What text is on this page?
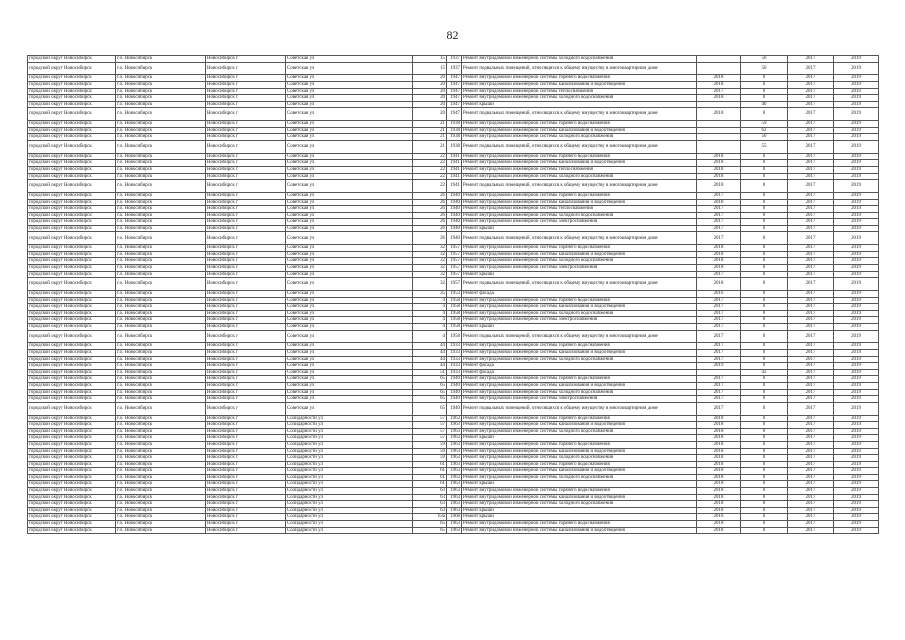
82
городской округ Новосибирск	г.о. Новосибирск	Новосибирск г	Советская ул	15	1937	Ремонт внутридомовой инженерной системы холодного водоснабжения		56	2017	2019
городской округ Новосибирск	г.о. Новосибирск	Новосибирск г	Советская ул	15	1937	Ремонт подвальных помещений, относящихся к общему имуществу в многоквартирном доме		56	2017	2019
городской округ Новосибирск	г.о. Новосибирск	Новосибирск г	Советская ул	20	1947	Ремонт внутридомовой инженерной системы горячего водоснабжения	2018	0	2017	2019
городской округ Новосибирск	г.о. Новосибирск	Новосибирск г	Советская ул	20	1947	Ремонт внутридомовой инженерной системы канализования и водоотведения	2018	0	2017	2019
городской округ Новосибирск	г.о. Новосибирск	Новосибирск г	Советская ул	20	1947	Ремонт внутридомовой инженерной системы теплоснабжения	2017	0	2017	2019
городской округ Новосибирск	г.о. Новосибирск	Новосибирск г	Советская ул	20	1947	Ремонт внутридомовой инженерной системы холодного водоснабжения	2018	0	2017	2019
городской округ Новосибирск	г.о. Новосибирск	Новосибирск г	Советская ул	20	1947	Ремонт крыши		40	2017	2019
городской округ Новосибирск	г.о. Новосибирск	Новосибирск г	Советская ул	20	1947	Ремонт подвальных помещений, относящихся к общему имуществу в многоквартирном доме	2018	0	2017	2019
городской округ Новосибирск	г.о. Новосибирск	Новосибирск г	Советская ул	21	1938	Ремонт внутридомовой инженерной системы горячего водоснабжения		59	2017	2019
городской округ Новосибирск	г.о. Новосибирск	Новосибирск г	Советская ул	21	1938	Ремонт внутридомовой инженерной системы канализования и водоотведения		62	2017	2019
городской округ Новосибирск	г.о. Новосибирск	Новосибирск г	Советская ул	21	1938	Ремонт внутридомовой инженерной системы холодного водоснабжения		56	2017	2019
городской округ Новосибирск	г.о. Новосибирск	Новосибирск г	Советская ул	21	1938	Ремонт подвальных помещений, относящихся к общему имуществу в многоквартирном доме		55	2017	2019
городской округ Новосибирск	г.о. Новосибирск	Новосибирск г	Советская ул	22	1941	Ремонт внутридомовой инженерной системы горячего водоснабжения	2018	0	2017	2019
городской округ Новосибирск	г.о. Новосибирск	Новосибирск г	Советская ул	22	1941	Ремонт внутридомовой инженерной системы канализования и водоотведения	2018	0	2017	2019
городской округ Новосибирск	г.о. Новосибирск	Новосибирск г	Советская ул	22	1941	Ремонт внутридомовой инженерной системы теплоснабжения	2018	0	2017	2019
городской округ Новосибирск	г.о. Новосибирск	Новосибирск г	Советская ул	22	1941	Ремонт внутридомовой инженерной системы холодного водоснабжения	2018	0	2017	2019
городской округ Новосибирск	г.о. Новосибирск	Новосибирск г	Советская ул	22	1941	Ремонт подвальных помещений, относящихся к общему имуществу в многоквартирном доме	2018	0	2017	2019
городской округ Новосибирск	г.о. Новосибирск	Новосибирск г	Советская ул	26	1940	Ремонт внутридомовой инженерной системы горячего водоснабжения	2017	0	2017	2019
городской округ Новосибирск	г.о. Новосибирск	Новосибирск г	Советская ул	26	1940	Ремонт внутридомовой инженерной системы канализования и водоотведения	2018	0	2017	2019
городской округ Новосибирск	г.о. Новосибирск	Новосибирск г	Советская ул	26	1940	Ремонт внутридомовой инженерной системы теплоснабжения	2017	0	2017	2019
городской округ Новосибирск	г.о. Новосибирск	Новосибирск г	Советская ул	26	1940	Ремонт внутридомовой инженерной системы холодного водоснабжения	2017	0	2017	2019
городской округ Новосибирск	г.о. Новосибирск	Новосибирск г	Советская ул	26	1940	Ремонт внутридомовой инженерной системы электроснабжения	2017	0	2017	2019
городской округ Новосибирск	г.о. Новосибирск	Новосибирск г	Советская ул	26	1940	Ремонт крыши	2017	0	2017	2019
городской округ Новосибирск	г.о. Новосибирск	Новосибирск г	Советская ул	26	1940	Ремонт подвальных помещений, относящихся к общему имуществу в многоквартирном доме	2017	0	2017	2019
городской округ Новосибирск	г.о. Новосибирск	Новосибирск г	Советская ул	32	1957	Ремонт внутридомовой инженерной системы горячего водоснабжения	2018	0	2017	2019
городской округ Новосибирск	г.о. Новосибирск	Новосибирск г	Советская ул	32	1957	Ремонт внутридомовой инженерной системы канализования и водоотведения	2018	0	2017	2019
городской округ Новосибирск	г.о. Новосибирск	Новосибирск г	Советская ул	32	1957	Ремонт внутридомовой инженерной системы холодного водоснабжения	2018	0	2017	2019
городской округ Новосибирск	г.о. Новосибирск	Новосибирск г	Советская ул	32	1957	Ремонт внутридомовой инженерной системы электроснабжения	2018	0	2017	2019
городской округ Новосибирск	г.о. Новосибирск	Новосибирск г	Советская ул	32	1957	Ремонт крыши	2017	0	2017	2019
городской округ Новосибирск	г.о. Новосибирск	Новосибирск г	Советская ул	32	1957	Ремонт подвальных помещений, относящихся к общему имуществу в многоквартирном доме	2018	0	2017	2019
городской округ Новосибирск	г.о. Новосибирск	Новосибирск г	Советская ул	35	1953	Ремонт фасада	2016	0	2017	2019
городской округ Новосибирск	г.о. Новосибирск	Новосибирск г	Советская ул	4	1958	Ремонт внутридомовой инженерной системы горячего водоснабжения	2017	0	2017	2019
городской округ Новосибирск	г.о. Новосибирск	Новосибирск г	Советская ул	4	1958	Ремонт внутридомовой инженерной системы канализования и водоотведения	2017	0	2017	2019
городской округ Новосибирск	г.о. Новосибирск	Новосибирск г	Советская ул	4	1958	Ремонт внутридомовой инженерной системы холодного водоснабжения	2017	0	2017	2019
городской округ Новосибирск	г.о. Новосибирск	Новосибирск г	Советская ул	4	1958	Ремонт внутридомовой инженерной системы электроснабжения	2017	0	2017	2019
городской округ Новосибирск	г.о. Новосибирск	Новосибирск г	Советская ул	4	1958	Ремонт крыши	2017	0	2017	2019
городской округ Новосибирск	г.о. Новосибирск	Новосибирск г	Советская ул	4	1958	Ремонт подвальных помещений, относящихся к общему имуществу в многоквартирном доме	2017	0	2017	2019
городской округ Новосибирск	г.о. Новосибирск	Новосибирск г	Советская ул	44	1933	Ремонт внутридомовой инженерной системы горячего водоснабжения	2017	0	2017	2019
городской округ Новосибирск	г.о. Новосибирск	Новосибирск г	Советская ул	44	1933	Ремонт внутридомовой инженерной системы канализования и водоотведения	2017	0	2017	2019
городской округ Новосибирск	г.о. Новосибирск	Новосибирск г	Советская ул	44	1933	Ремонт внутридомовой инженерной системы холодного водоснабжения	2017	0	2017	2019
городской округ Новосибирск	г.о. Новосибирск	Новосибирск г	Советская ул	44	1933	Ремонт фасада	2019	0	2017	2019
городской округ Новосибирск	г.о. Новосибирск	Новосибирск г	Советская ул	51	1933	Ремонт фасада		42	2017	2019
городской округ Новосибирск	г.о. Новосибирск	Новосибирск г	Советская ул	65	1940	Ремонт внутридомовой инженерной системы горячего водоснабжения	2017	0	2017	2019
городской округ Новосибирск	г.о. Новосибирск	Новосибирск г	Советская ул	65	1940	Ремонт внутридомовой инженерной системы канализования и водоотведения	2017	0	2017	2019
городской округ Новосибирск	г.о. Новосибирск	Новосибирск г	Советская ул	65	1940	Ремонт внутридомовой инженерной системы холодного водоснабжения	2017	0	2017	2019
городской округ Новосибирск	г.о. Новосибирск	Новосибирск г	Советская ул	65	1940	Ремонт внутридомовой инженерной системы электроснабжения	2017	0	2017	2019
городской округ Новосибирск	г.о. Новосибирск	Новосибирск г	Советская ул	65	1940	Ремонт подвальных помещений, относящихся к общему имуществу в многоквартирном доме	2017	0	2017	2019
городской округ Новосибирск	г.о. Новосибирск	Новосибирск г	Солидарности ул	57	1963	Ремонт внутридомовой инженерной системы горячего водоснабжения	2018	0	2017	2019
городской округ Новосибирск	г.о. Новосибирск	Новосибирск г	Солидарности ул	57	1963	Ремонт внутридомовой инженерной системы канализования и водоотведения	2018	0	2017	2019
городской округ Новосибирск	г.о. Новосибирск	Новосибирск г	Солидарности ул	57	1963	Ремонт внутридомовой инженерной системы холодного водоснабжения	2018	0	2017	2019
городской округ Новосибирск	г.о. Новосибирск	Новосибирск г	Солидарности ул	57	1963	Ремонт крыши	2018	0	2017	2019
городской округ Новосибирск	г.о. Новосибирск	Новосибирск г	Солидарности ул	59	1963	Ремонт внутридомовой инженерной системы горячего водоснабжения	2018	0	2017	2019
городской округ Новосибирск	г.о. Новосибирск	Новосибирск г	Солидарности ул	59	1963	Ремонт внутридомовой инженерной системы канализования и водоотведения	2018	0	2017	2019
городской округ Новосибирск	г.о. Новосибирск	Новосибирск г	Солидарности ул	59	1963	Ремонт внутридомовой инженерной системы холодного водоснабжения	2018	0	2017	2019
городской округ Новосибирск	г.о. Новосибирск	Новосибирск г	Солидарности ул	61	1963	Ремонт внутридомовой инженерной системы горячего водоснабжения	2018	0	2017	2019
городской округ Новосибирск	г.о. Новосибирск	Новосибирск г	Солидарности ул	61	1963	Ремонт внутридомовой инженерной системы канализования и водоотведения	2018	0	2017	2019
городской округ Новосибирск	г.о. Новосибирск	Новосибирск г	Солидарности ул	61	1963	Ремонт внутридомовой инженерной системы холодного водоснабжения	2018	0	2017	2019
городской округ Новосибирск	г.о. Новосибирск	Новосибирск г	Солидарности ул	61	1963	Ремонт крыши	2018	0	2017	2019
городской округ Новосибирск	г.о. Новосибирск	Новосибирск г	Солидарности ул	63	1963	Ремонт внутридомовой инженерной системы горячего водоснабжения	2018	0	2017	2019
городской округ Новосибирск	г.о. Новосибирск	Новосибирск г	Солидарности ул	63	1963	Ремонт внутридомовой инженерной системы канализования и водоотведения	2018	0	2017	2019
городской округ Новосибирск	г.о. Новосибирск	Новосибирск г	Солидарности ул	63	1963	Ремонт внутридомовой инженерной системы холодного водоснабжения	2018	0	2017	2019
городской округ Новосибирск	г.о. Новосибирск	Новосибирск г	Солидарности ул	63	1963	Ремонт крыши	2018	0	2017	2019
городской округ Новосибирск	г.о. Новосибирск	Новосибирск г	Солидарности ул	63а	1968	Ремонт крыши	2016	0	2017	2019
городской округ Новосибирск	г.о. Новосибирск	Новосибирск г	Солидарности ул	65	1963	Ремонт внутридомовой инженерной системы горячего водоснабжения	2018	0	2017	2019
городской округ Новосибирск	г.о. Новосибирск	Новосибирск г	Солидарности ул	65	1963	Ремонт внутридомовой инженерной системы канализования и водоотведения	2018	0	2017	2019
